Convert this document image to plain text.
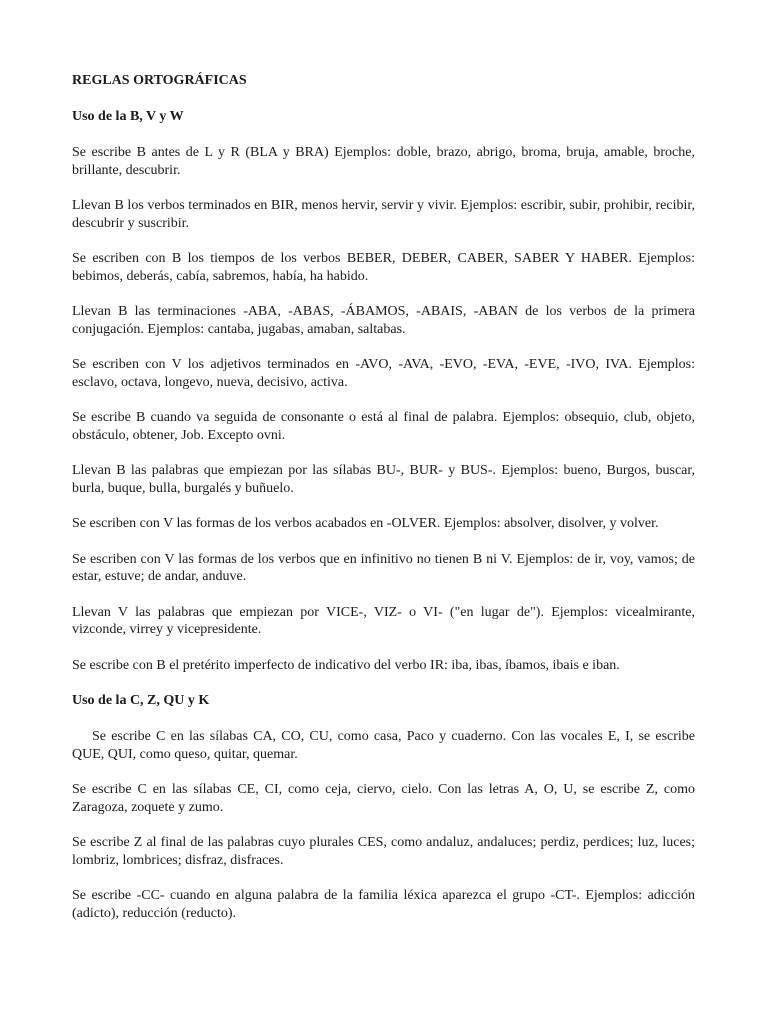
REGLAS ORTOGRÁFICAS
Uso de la B, V y W

Se escribe B antes de L y R (BLA y BRA) Ejemplos: doble, brazo, abrigo, broma, bruja, amable, broche, brillante, descubrir.

Llevan B los verbos terminados en BIR, menos hervir, servir y vivir. Ejemplos: escribir, subir, prohibir, recibir, descubrir y suscribir.

Se escriben con B los tiempos de los verbos BEBER, DEBER, CABER, SABER Y HABER. Ejemplos: bebimos, deberás, cabía, sabremos, había, ha habido.

Llevan B las terminaciones -ABA, -ABAS, -ÁBAMOS, -ABAIS, -ABAN de los verbos de la primera conjugación. Ejemplos: cantaba, jugabas, amaban, saltabas.

Se escriben con V los adjetivos terminados en -AVO, -AVA, -EVO, -EVA, -EVE, -IVO, IVA. Ejemplos: esclavo, octava, longevo, nueva, decisivo, activa.

Se escribe B cuando va seguida de consonante o está al final de palabra. Ejemplos: obsequio, club, objeto, obstáculo, obtener, Job. Excepto ovni.

Llevan B las palabras que empiezan por las sílabas BU-, BUR- y BUS-. Ejemplos: bueno, Burgos, buscar, burla, buque, bulla, burgalés y buñuelo.

Se escriben con V las formas de los verbos acabados en -OLVER. Ejemplos: absolver, disolver, y volver.

Se escriben con V las formas de los verbos que en infinitivo no tienen B ni V. Ejemplos: de ir, voy, vamos; de estar, estuve; de andar, anduve.

Llevan V las palabras que empiezan por VICE-, VIZ- o VI- ("en lugar de"). Ejemplos: vicealmirante, vizconde, virrey y vicepresidente.

Se escribe con B el pretérito imperfecto de indicativo del verbo IR: iba, ibas, íbamos, ibais e iban.

Uso de la C, Z, QU y K

Se escribe C en las sílabas CA, CO, CU, como casa, Paco y cuaderno. Con las vocales E, I, se escribe QUE, QUI, como queso, quitar, quemar.

Se escribe C en las sílabas CE, CI, como ceja, ciervo, cielo. Con las letras A, O, U, se escribe Z, como Zaragoza, zoquete y zumo.

Se escribe Z al final de las palabras cuyo plurales CES, como andaluz, andaluces; perdiz, perdices; luz, luces; lombriz, lombrices; disfraz, disfraces.

Se escribe -CC- cuando en alguna palabra de la familia léxica aparezca el grupo -CT-. Ejemplos: adicción (adicto), reducción (reducto).
